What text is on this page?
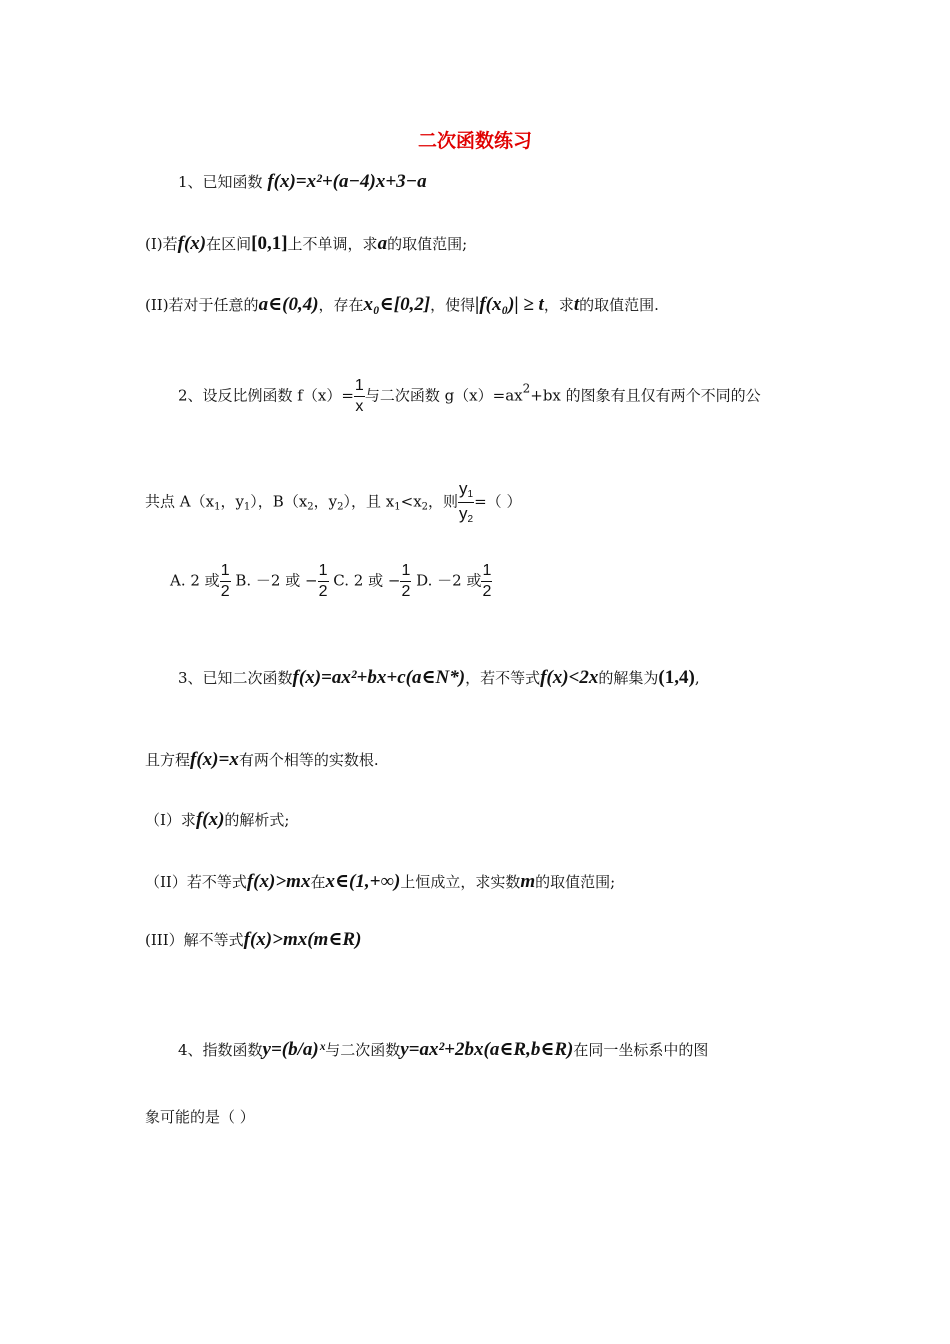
二次函数练习
1、已知函数 f(x)=x²+(a−4)x+3−a
(I)若f(x)在区间[0,1]上不单调，求a的取值范围;
(II)若对于任意的a∈(0,4)，存在x₀∈[0,2]，使得|f(x₀)| ≥ t，求t的取值范围.
2、设反比例函数 $f(x)= \frac{1}{x}$ 与二次函数 $g(x)=ax^2+bx$ 的图象有且仅有两个不同的公
共点 $A(x_1$，$y_1$），$B(x_2$，$y_2$），且 $x_1<x_2$，则 $\frac{y1}{y2}$ =（ ）
A. 2 或 $\frac{1}{2} B$. －2 或 − $\frac{1}{2} C$. 2 或 − $\frac{1}{2} D$. －2 或 $\frac{1}{2}$
3、已知二次函数f(x)=ax²+bx+c(a∈N*)，若不等式f(x)<2x的解集为(1,4),
且方程f(x)=x有两个相等的实数根.
（I）求f(x)的解析式;
（II）若不等式f(x)>mx在x∈(1,+∞)上恒成立，求实数m的取值范围;
(III）解不等式f(x)>mx(m∈R)
4、指数函数y=(b/a)ˣ与二次函数y=ax²+2bx(a∈R,b∈R)在同一坐标系中的图
象可能的是（ ）
